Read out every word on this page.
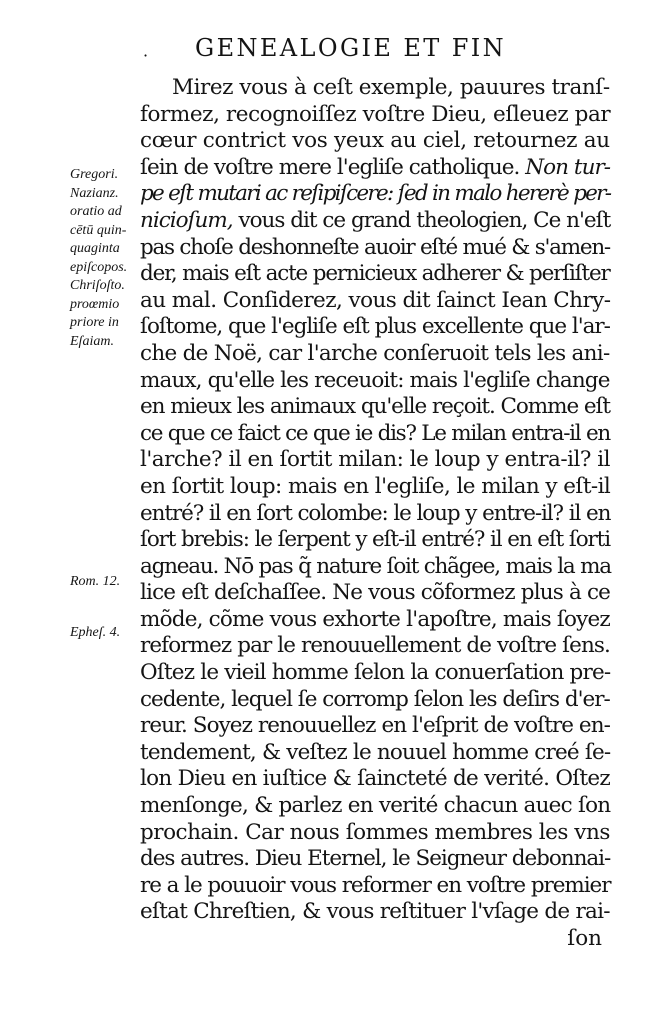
· GENEALOGIE ET FIN
Gregori.
Nazianz.
oratio ad
cētū quin-
quaginta
epiſcopos.
Chriſoſto.
proœmio
priore in
Eſaiam.
Rom. 12.
Epheſ. 4.
Mirez vous à ceſt exemple, pauures tranſ-
formez, recognoiſſez voſtre Dieu, eſleuez par
cœur contrict vos yeux au ciel, retournez au
ſein de voſtre mere l'egliſe catholique. Non tur-
pe eſt mutari ac reſipiſcere: ſed in malo hererè per-
nicioſum, vous dit ce grand theologien, Ce n'eſt
pas choſe deshonneſte auoir eſté mué & s'amen-
der, mais eſt acte pernicieux adherer & perſiſter
au mal. Conſiderez, vous dit ſainct Iean Chry-
ſoſtome, que l'egliſe eſt plus excellente que l'ar-
che de Noë, car l'arche conſeruoit tels les ani-
maux, qu'elle les receuoit: mais l'egliſe change
en mieux les animaux qu'elle reçoit. Comme eſt
ce que ce faict ce que ie dis? Le milan entra-il en
l'arche? il en ſortit milan: le loup y entra-il? il
en ſortit loup: mais en l'egliſe, le milan y eſt-il
entré? il en ſort colombe: le loup y entre-il? il en
ſort brebis: le ſerpent y eſt-il entré? il en eſt ſorti
agneau. Nō pas q̃ nature ſoit chãgee, mais la ma
lice eſt deſchaſſee. Ne vous cõformez plus à ce
mõde, cõme vous exhorte l'apoſtre, mais ſoyez
reformez par le renouuellement de voſtre ſens.
Oſtez le vieil homme ſelon la conuerſation pre-
cedente, lequel ſe corromp ſelon les deſirs d'er-
reur. Soyez renouuellez en l'eſprit de voſtre en-
tendement, & veſtez le nouuel homme creé ſe-
lon Dieu en iuſtice & ſaincteté de verité. Oſtez
menſonge, & parlez en verité chacun auec ſon
prochain. Car nous ſommes membres les vns
des autres. Dieu Eternel, le Seigneur debonnai-
re a le pouuoir vous reformer en voſtre premier
eſtat Chreſtien, & vous reſtituer l'vſage de rai-
ſon
